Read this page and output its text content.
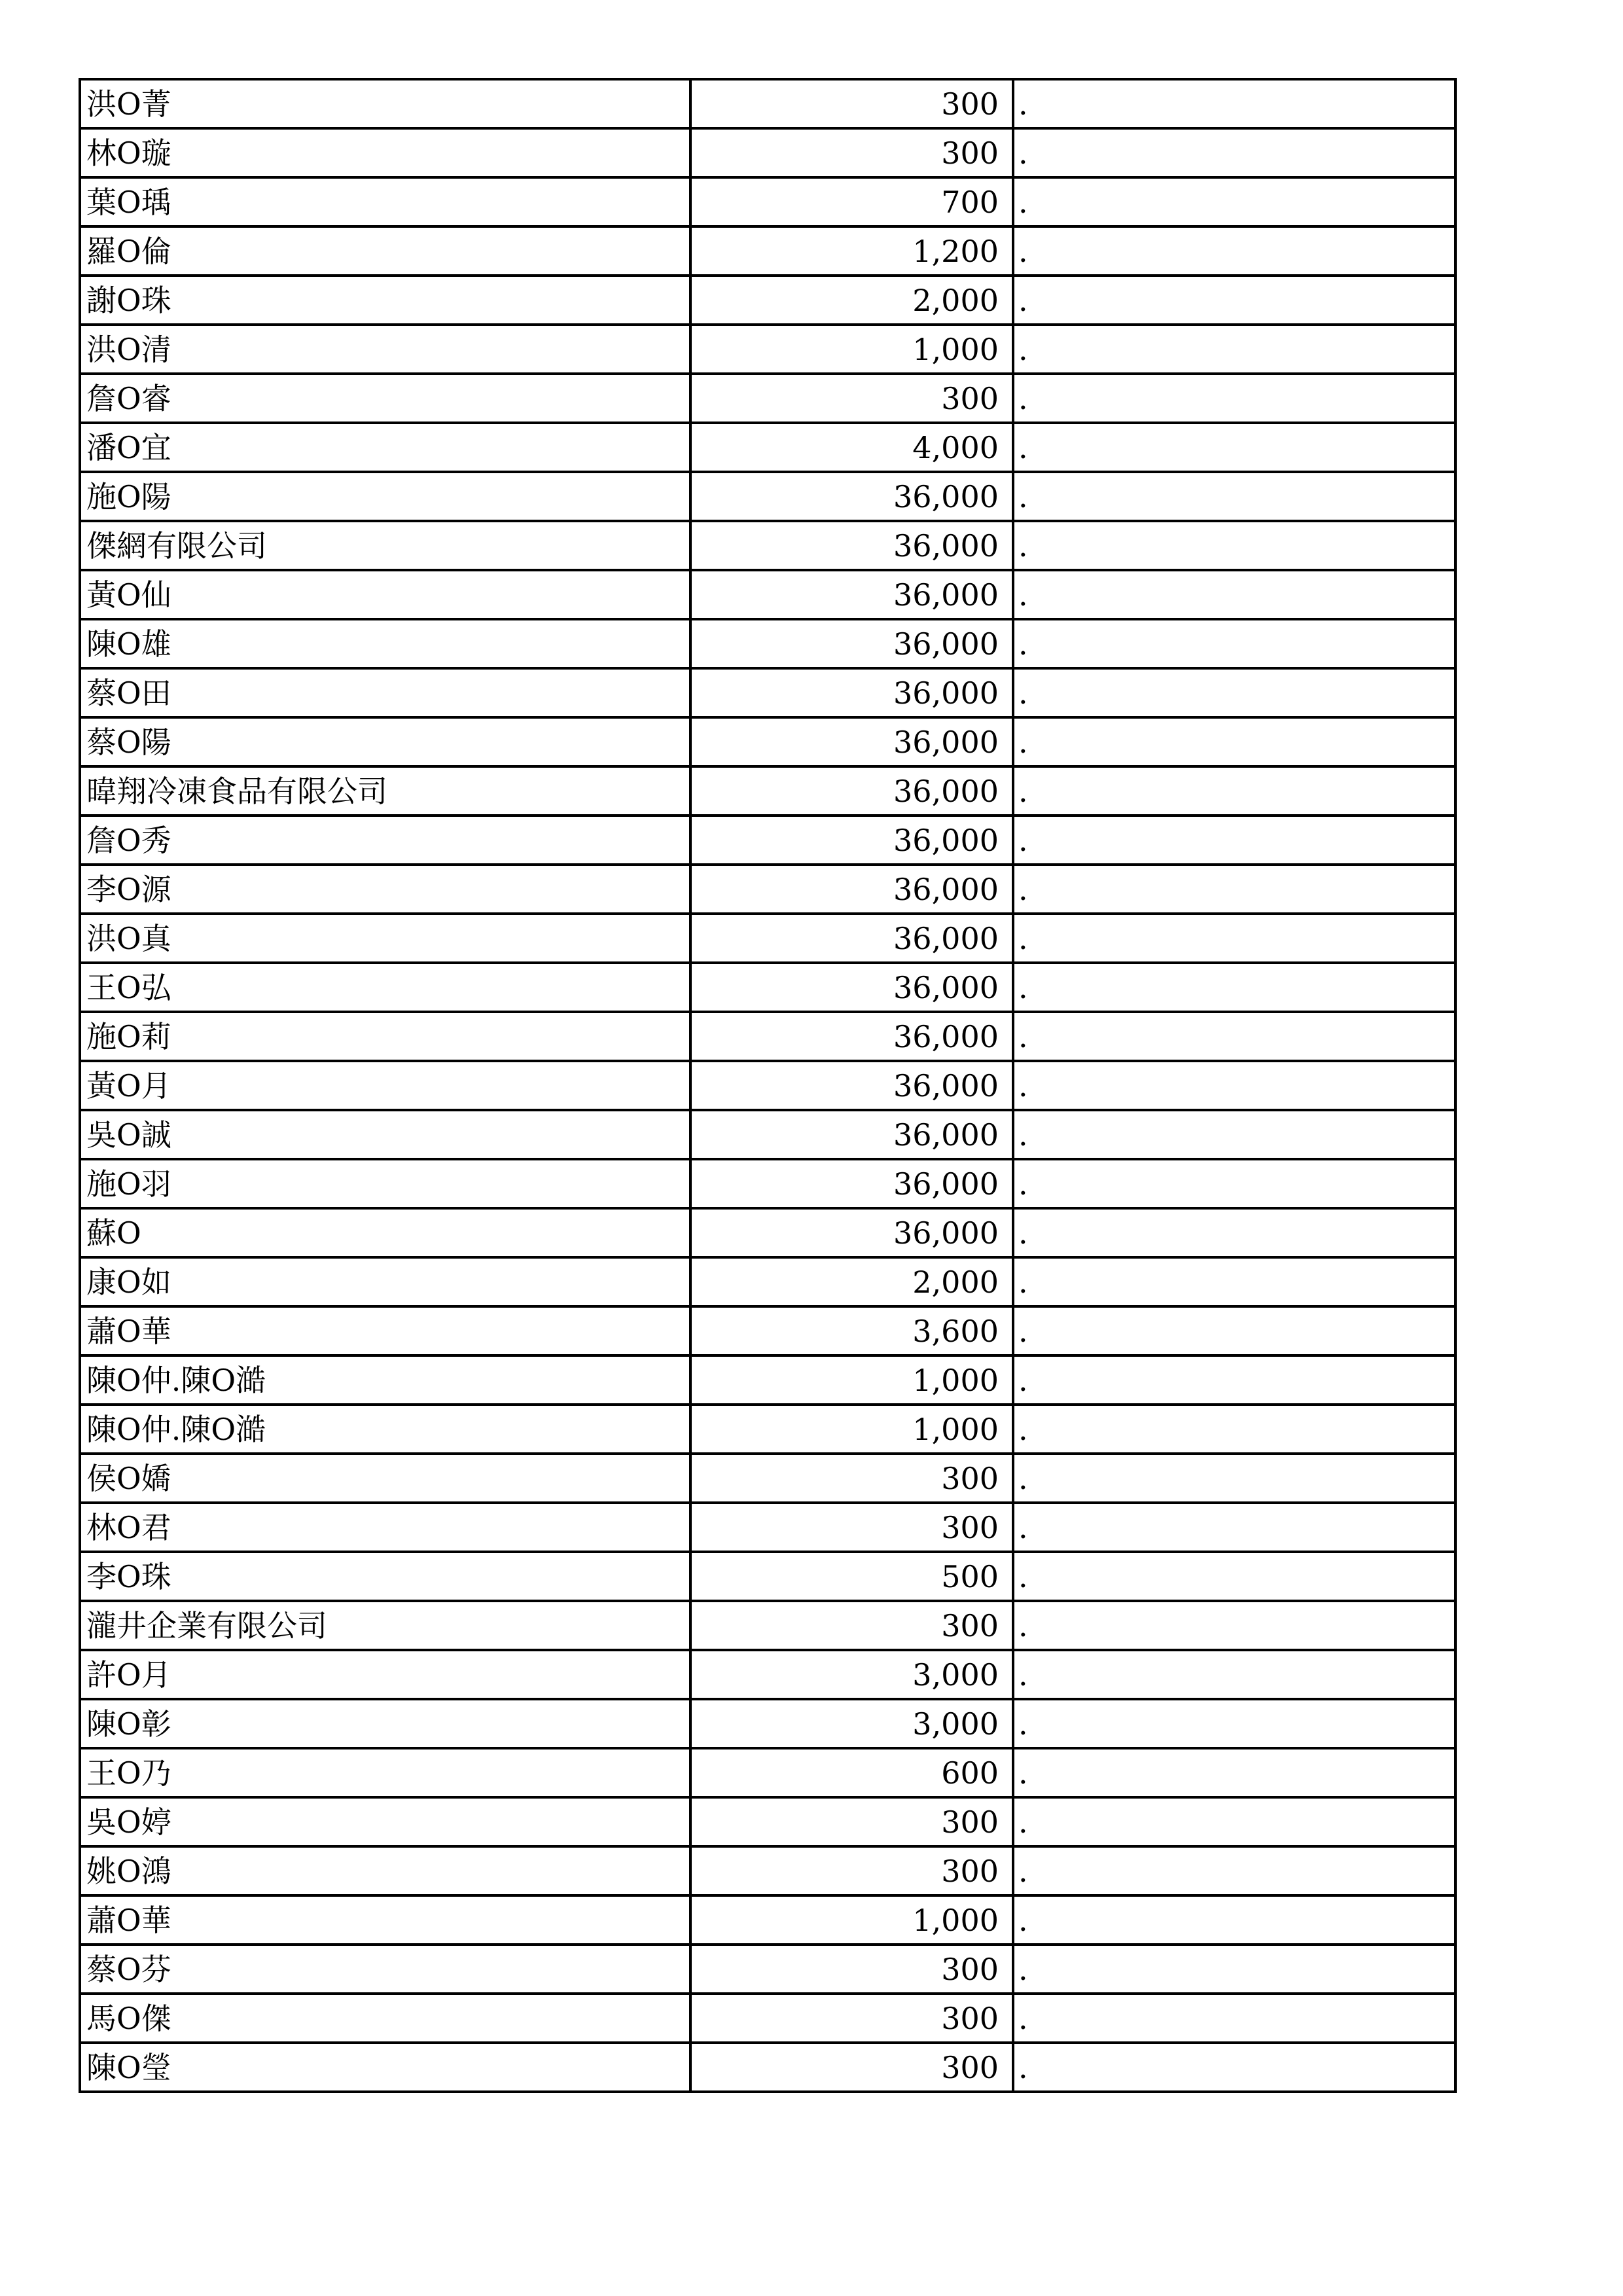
洪O菁	300	.
林O璇	300	.
葉O瑀	700	.
羅O倫	1,200	.
謝O珠	2,000	.
洪O清	1,000	.
詹O睿	300	.
潘O宜	4,000	.
施O陽	36,000	.
傑網有限公司	36,000	.
黃O仙	36,000	.
陳O雄	36,000	.
蔡O田	36,000	.
蔡O陽	36,000	.
暐翔冷凍食品有限公司	36,000	.
詹O秀	36,000	.
李O源	36,000	.
洪O真	36,000	.
王O弘	36,000	.
施O莉	36,000	.
黃O月	36,000	.
吳O誠	36,000	.
施O羽	36,000	.
蘇O	36,000	.
康O如	2,000	.
蕭O華	3,600	.
陳O仲.陳O澔	1,000	.
陳O仲.陳O澔	1,000	.
侯O嬌	300	.
林O君	300	.
李O珠	500	.
瀧井企業有限公司	300	.
許O月	3,000	.
陳O彰	3,000	.
王O乃	600	.
吳O婷	300	.
姚O鴻	300	.
蕭O華	1,000	.
蔡O芬	300	.
馬O傑	300	.
陳O瑩	300	.
